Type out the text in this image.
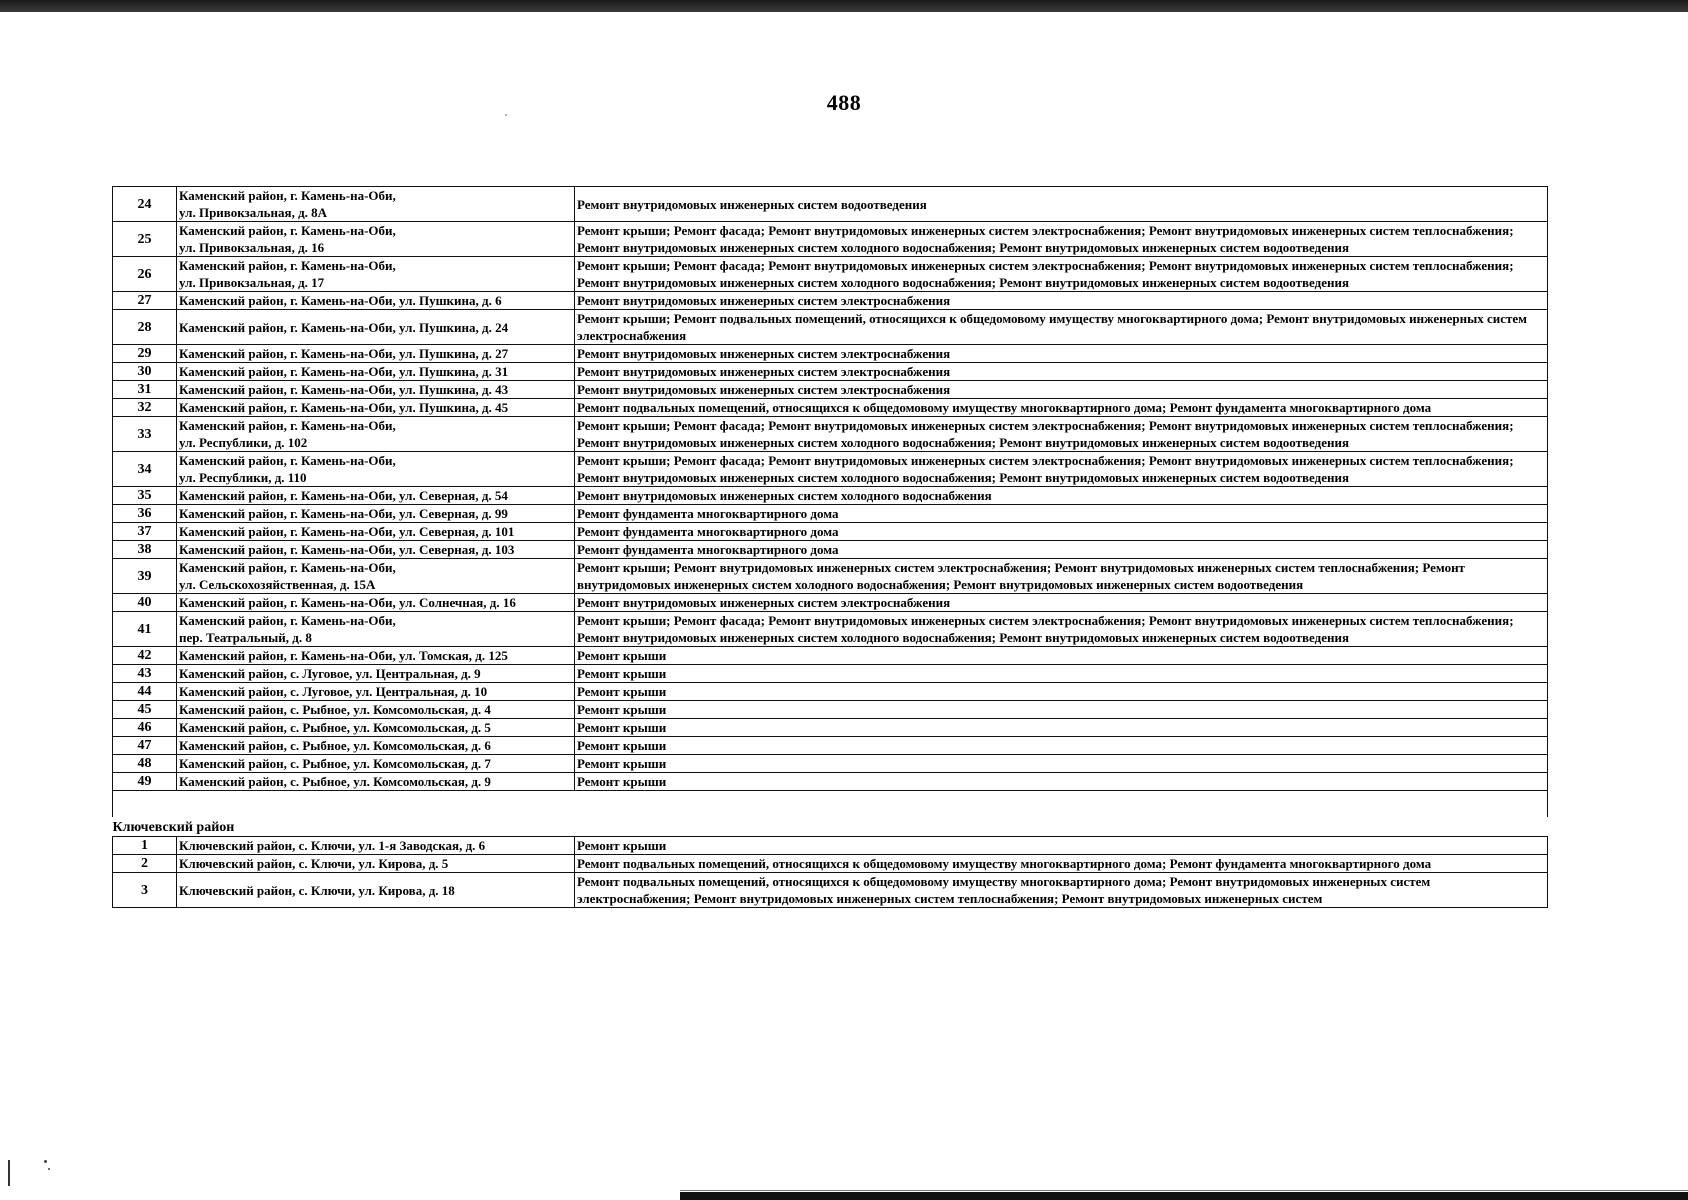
488
24	Каменский район, г. Камень-на-Оби,
ул. Привокзальная, д. 8А	Ремонт внутридомовых инженерных систем водоотведения
25	Каменский район, г. Камень-на-Оби,
ул. Привокзальная, д. 16	Ремонт крыши; Ремонт фасада; Ремонт внутридомовых инженерных систем электроснабжения; Ремонт внутридомовых инженерных систем теплоснабжения; Ремонт внутридомовых инженерных систем холодного водоснабжения; Ремонт внутридомовых инженерных систем водоотведения
26	Каменский район, г. Камень-на-Оби,
ул. Привокзальная, д. 17	Ремонт крыши; Ремонт фасада; Ремонт внутридомовых инженерных систем электроснабжения; Ремонт внутридомовых инженерных систем теплоснабжения; Ремонт внутридомовых инженерных систем холодного водоснабжения; Ремонт внутридомовых инженерных систем водоотведения
27	Каменский район, г. Камень-на-Оби, ул. Пушкина, д. 6	Ремонт внутридомовых инженерных систем электроснабжения
28	Каменский район, г. Камень-на-Оби, ул. Пушкина, д. 24	Ремонт крыши; Ремонт подвальных помещений, относящихся к общедомовому имуществу многоквартирного дома; Ремонт внутридомовых инженерных систем электроснабжения
29	Каменский район, г. Камень-на-Оби, ул. Пушкина, д. 27	Ремонт внутридомовых инженерных систем электроснабжения
30	Каменский район, г. Камень-на-Оби, ул. Пушкина, д. 31	Ремонт внутридомовых инженерных систем электроснабжения
31	Каменский район, г. Камень-на-Оби, ул. Пушкина, д. 43	Ремонт внутридомовых инженерных систем электроснабжения
32	Каменский район, г. Камень-на-Оби, ул. Пушкина, д. 45	Ремонт подвальных помещений, относящихся к общедомовому имуществу многоквартирного дома; Ремонт фундамента многоквартирного дома
33	Каменский район, г. Камень-на-Оби,
ул. Республики, д. 102	Ремонт крыши; Ремонт фасада; Ремонт внутридомовых инженерных систем электроснабжения; Ремонт внутридомовых инженерных систем теплоснабжения; Ремонт внутридомовых инженерных систем холодного водоснабжения; Ремонт внутридомовых инженерных систем водоотведения
34	Каменский район, г. Камень-на-Оби,
ул. Республики, д. 110	Ремонт крыши; Ремонт фасада; Ремонт внутридомовых инженерных систем электроснабжения; Ремонт внутридомовых инженерных систем теплоснабжения; Ремонт внутридомовых инженерных систем холодного водоснабжения; Ремонт внутридомовых инженерных систем водоотведения
35	Каменский район, г. Камень-на-Оби, ул. Северная, д. 54	Ремонт внутридомовых инженерных систем холодного водоснабжения
36	Каменский район, г. Камень-на-Оби, ул. Северная, д. 99	Ремонт фундамента многоквартирного дома
37	Каменский район, г. Камень-на-Оби, ул. Северная, д. 101	Ремонт фундамента многоквартирного дома
38	Каменский район, г. Камень-на-Оби, ул. Северная, д. 103	Ремонт фундамента многоквартирного дома
39	Каменский район, г. Камень-на-Оби,
ул. Сельскохозяйственная, д. 15А	Ремонт крыши; Ремонт внутридомовых инженерных систем электроснабжения; Ремонт внутридомовых инженерных систем теплоснабжения; Ремонт внутридомовых инженерных систем холодного водоснабжения; Ремонт внутридомовых инженерных систем водоотведения
40	Каменский район, г. Камень-на-Оби, ул. Солнечная, д. 16	Ремонт внутридомовых инженерных систем электроснабжения
41	Каменский район, г. Камень-на-Оби,
пер. Театральный, д. 8	Ремонт крыши; Ремонт фасада; Ремонт внутридомовых инженерных систем электроснабжения; Ремонт внутридомовых инженерных систем теплоснабжения; Ремонт внутридомовых инженерных систем холодного водоснабжения; Ремонт внутридомовых инженерных систем водоотведения
42	Каменский район, г. Камень-на-Оби, ул. Томская, д. 125	Ремонт крыши
43	Каменский район, с. Луговое, ул. Центральная, д. 9	Ремонт крыши
44	Каменский район, с. Луговое, ул. Центральная, д. 10	Ремонт крыши
45	Каменский район, с. Рыбное, ул. Комсомольская, д. 4	Ремонт крыши
46	Каменский район, с. Рыбное, ул. Комсомольская, д. 5	Ремонт крыши
47	Каменский район, с. Рыбное, ул. Комсомольская, д. 6	Ремонт крыши
48	Каменский район, с. Рыбное, ул. Комсомольская, д. 7	Ремонт крыши
49	Каменский район, с. Рыбное, ул. Комсомольская, д. 9	Ремонт крыши

Ключевский район		
1	Ключевский район, с. Ключи, ул. 1-я Заводская, д. 6	Ремонт крыши
2	Ключевский район, с. Ключи, ул. Кирова, д. 5	Ремонт подвальных помещений, относящихся к общедомовому имуществу многоквартирного дома; Ремонт фундамента многоквартирного дома
3	Ключевский район, с. Ключи, ул. Кирова, д. 18	Ремонт подвальных помещений, относящихся к общедомовому имуществу многоквартирного дома; Ремонт внутридомовых инженерных систем электроснабжения; Ремонт внутридомовых инженерных систем теплоснабжения; Ремонт внутридомовых инженерных систем
